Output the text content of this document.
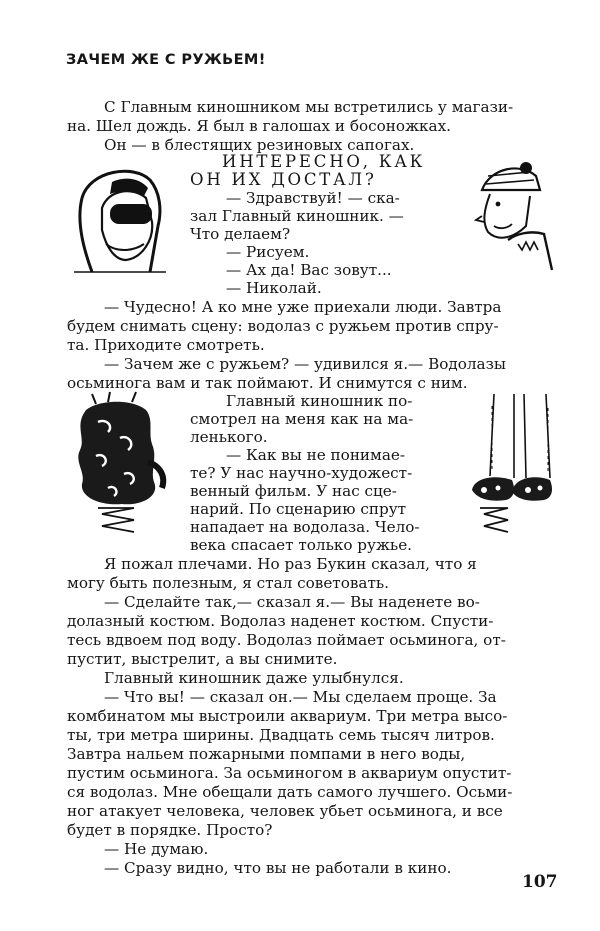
ЗАЧЕМ ЖЕ С РУЖЬЕМ!
С Главным киношником мы встретились у магази-
на. Шел дождь. Я был в галошах и босоножках.
Он — в блестящих резиновых сапогах.
ИНТЕРЕСНО, КАК
ОН ИХ ДОСТАЛ?
— Здравствуй! — ска-
зал Главный киношник. —
Что делаем?
— Рисуем.
— Ах да! Вас зовут...
— Николай.
— Чудесно! А ко мне уже приехали люди. Завтра
будем снимать сцену: водолаз с ружьем против спру-
та. Приходите смотреть.
— Зачем же с ружьем? — удивился я.— Водолазы
осьминога вам и так поймают. И снимутся с ним.
Главный киношник по-
смотрел на меня как на ма-
ленького.
— Как вы не понимае-
те? У нас научно-художест-
венный фильм. У нас сце-
нарий. По сценарию спрут
нападает на водолаза. Чело-
века спасает только ружье.
Я пожал плечами. Но раз Букин сказал, что я
могу быть полезным, я стал советовать.
— Сделайте так,— сказал я.— Вы наденете во-
долазный костюм. Водолаз наденет костюм. Спусти-
тесь вдвоем под воду. Водолаз поймает осьминога, от-
пустит, выстрелит, а вы снимите.
Главный киношник даже улыбнулся.
— Что вы! — сказал он.— Мы сделаем проще. За
комбинатом мы выстроили аквариум. Три метра высо-
ты, три метра ширины. Двадцать семь тысяч литров.
Завтра нальем пожарными помпами в него воды,
пустим осьминога. За осьминогом в аквариум опустит-
ся водолаз. Мне обещали дать самого лучшего. Осьми-
ног атакует человека, человек убьет осьминога, и все
будет в порядке. Просто?
— Не думаю.
— Сразу видно, что вы не работали в кино.
107
